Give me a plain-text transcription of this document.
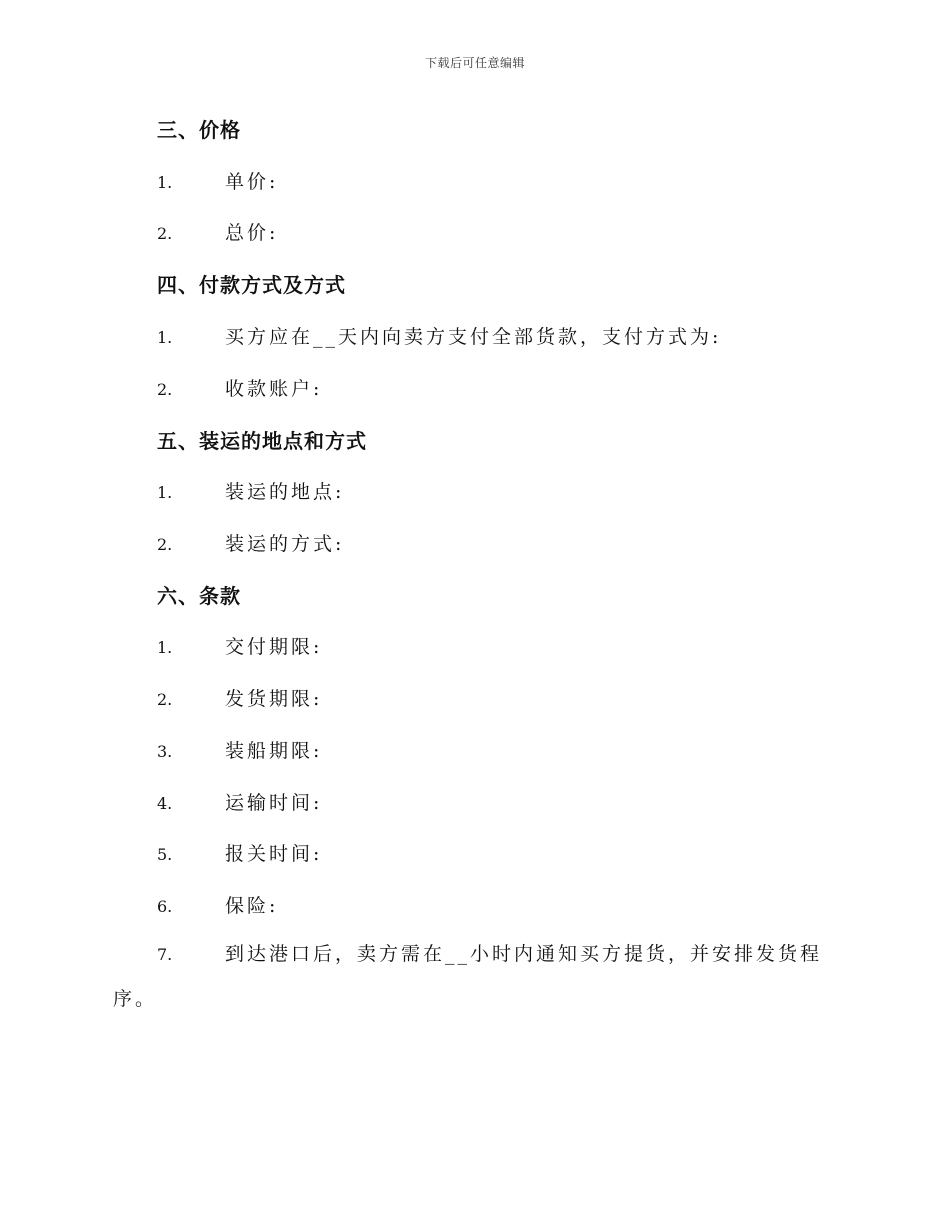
下载后可任意编辑
三、价格
1.	单价:
2.	总价:
四、付款方式及方式
1.	买方应在__天内向卖方支付全部货款，支付方式为:
2.	收款账户:
五、装运的地点和方式
1.	装运的地点:
2.	装运的方式:
六、条款
1.	交付期限:
2.	发货期限:
3.	装船期限:
4.	运输时间:
5.	报关时间:
6.	保险:
7.	到达港口后，卖方需在__小时内通知买方提货，并安排发货程序。
